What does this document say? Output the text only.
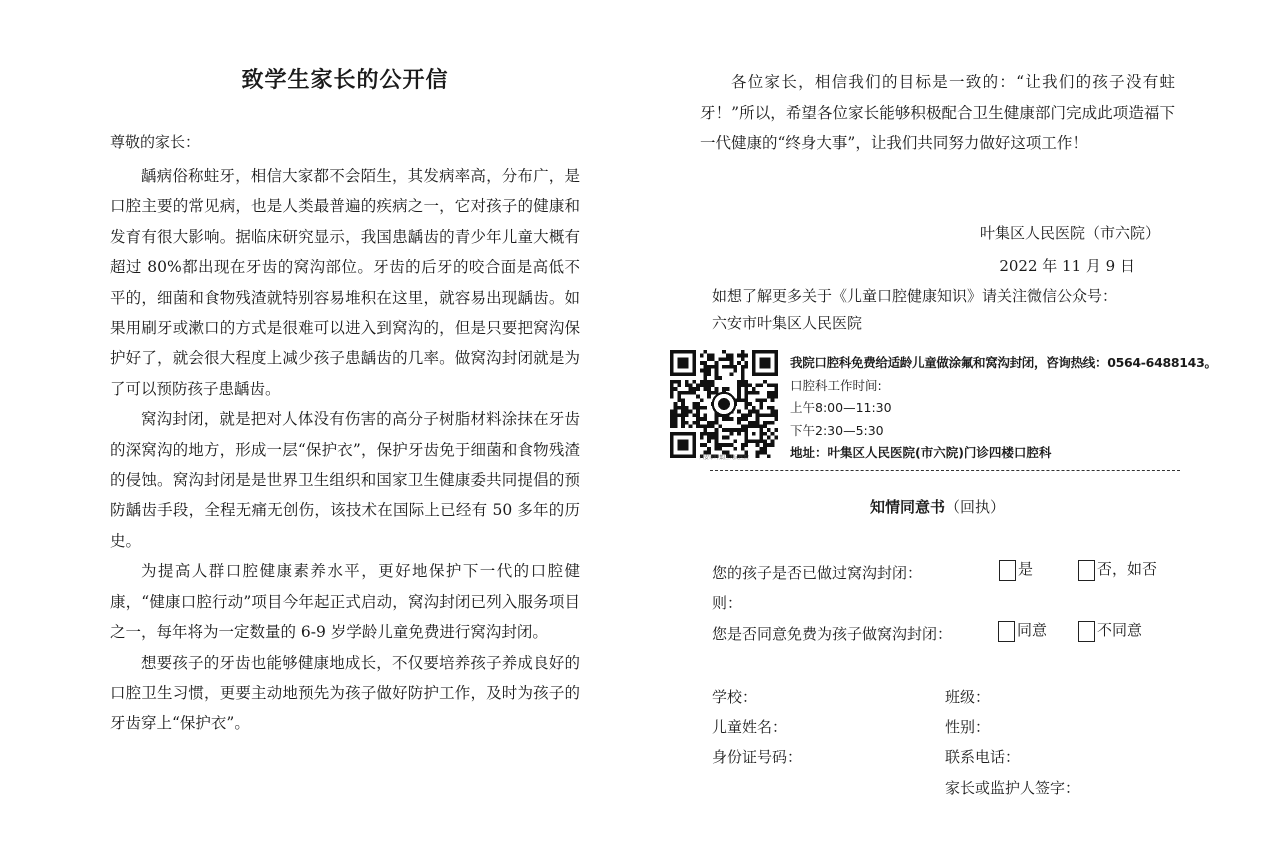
致学生家长的公开信
尊敬的家长：

龋病俗称蛀牙，相信大家都不会陌生，其发病率高，分布广，是口腔主要的常见病，也是人类最普遍的疾病之一，它对孩子的健康和发育有很大影响。据临床研究显示，我国患龋齿的青少年儿童大概有超过 80%都出现在牙齿的窝沟部位。牙齿的后牙的咬合面是高低不平的，细菌和食物残渣就特别容易堆积在这里，就容易出现龋齿。如果用刷牙或漱口的方式是很难可以进入到窝沟的，但是只要把窝沟保护好了，就会很大程度上减少孩子患龋齿的几率。做窝沟封闭就是为了可以预防孩子患龋齿。

窝沟封闭，就是把对人体没有伤害的高分子树脂材料涂抹在牙齿的深窝沟的地方，形成一层“保护衣”，保护牙齿免于细菌和食物残渣的侵蚀。窝沟封闭是是世界卫生组织和国家卫生健康委共同提倡的预防龋齿手段，全程无痛无创伤，该技术在国际上已经有 50 多年的历史。

为提高人群口腔健康素养水平，更好地保护下一代的口腔健康，“健康口腔行动”项目今年起正式启动，窝沟封闭已列入服务项目之一，每年将为一定数量的 6-9 岁学龄儿童免费进行窝沟封闭。

想要孩子的牙齿也能够健康地成长，不仅要培养孩子养成良好的口腔卫生习惯，更要主动地预先为孩子做好防护工作，及时为孩子的牙齿穿上“保护衣”。

各位家长，相信我们的目标是一致的：“让我们的孩子没有蛀牙！”所以，希望各位家长能够积极配合卫生健康部门完成此项造福下一代健康的“终身大事”，让我们共同努力做好这项工作！
叶集区人民医院（市六院）
2022 年 11 月 9 日
如想了解更多关于《儿童口腔健康知识》请关注微信公众号：
六安市叶集区人民医院
六安市叶集区人民医院
我院口腔科免费给适龄儿童做涂氟和窝沟封闭，咨询热线：0564-6488143。
口腔科工作时间:
上午8:00—11:30
下午2:30—5:30
地址：叶集区人民医院(市六院)门诊四楼口腔科
知情同意书（回执）
您的孩子是否已做过窝沟封闭：	是	否，如否
则：
您是否同意免费为孩子做窝沟封闭：	同意	不同意
学校：	班级：
儿童姓名：	性别：
身份证号码：	联系电话：
家长或监护人签字：
